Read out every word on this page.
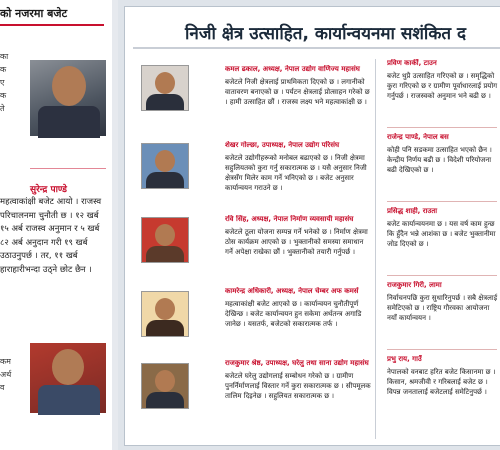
को नजरमा बजेट
का
क
ए
क
ते
सुरेन्द्र पाण्डे
महत्वाकांक्षी बजेट आयो । राजस्व परिचालनमा चुनौती छ । १२ खर्ब १५ अर्ब राजस्व अनुमान र ५ खर्ब ८२ अर्ब अनुदान गरी १९ खर्ब उठाउनुपर्छ । तर, ११ खर्ब हाराहारीभन्दा उठ्ने छोट छैन ।
कम
अर्थ
व
निजी क्षेत्र उत्साहित, कार्यान्वयनमा सशंकित द
कमल ढकाल, अध्यक्ष, नेपाल उद्योग वाणिज्य महासंघ
बजेटले निजी क्षेत्रलाई प्राथमिकता दिएको छ । लगानीको वातावरण बनाएको छ । पर्यटन क्षेत्रलाई प्रोत्साहन गरेको छ । हामी उत्साहित छौं । राजस्व लक्ष्य भने महत्वाकांक्षी छ ।
शेखर गोल्छा, उपाध्यक्ष, नेपाल उद्योग परिसंघ
बजेटले उद्योगीहरूको मनोबल बढाएको छ । निजी क्षेत्रमा सहुलियतको कुरा गर्नु सकारात्मक छ । यसै अनुसार निजी क्षेत्रसँग मिलेर काम गर्ने भनिएको छ । बजेट अनुसार कार्यान्वयन गराउने छ ।
रवि सिंह, अध्यक्ष, नेपाल निर्माण व्यवसायी महासंघ
बजेटले ठूला योजना सम्पन्न गर्ने भनेको छ । निर्माण क्षेत्रमा ठोस कार्यक्रम आएको छ । भुक्तानीको समस्या समाधान गर्ने अपेक्षा राखेका छौं । भुक्तानीको तयारी गर्नुपर्छ ।
कामरेन्द्र अधिकारी, अध्यक्ष, नेपाल चेम्बर अफ कमर्स
महत्वाकांक्षी बजेट आएको छ । कार्यान्वयन चुनौतीपूर्ण देखिन्छ । बजेट कार्यान्वयन हुन सकेमा अर्थतन्त्र अगाडि जानेछ । यसतर्फ, बजेटको सकारात्मक तर्फ ।
राजकुमार श्रेष्ठ, उपाध्यक्ष, घरेलु तथा साना उद्योग महासंघ
बजेटले घरेलु उद्योगलाई सम्बोधन गरेको छ । ग्रामीण पुनर्निर्माणलाई विस्तार गर्ने कुरा सकारात्मक छ । सीपमूलक तालिम दिइनेछ । सहुलियत सकारात्मक छ ।
प्रविण कार्की, टाउन
बजेट थुप्रै उत्साहित गरिएको छ । समृद्धिको कुरा गरिएको छ र ग्रामीण पूर्वाधारलाई प्रयोग गर्नुपर्छ । राजस्वको अनुमान भने बढी छ ।
राजेन्द्र पाण्डे, नेपाल बस
कोही पनि सडकमा उत्साहित भएको छैन । केन्द्रीय निर्णय बढी छ । विदेशी परियोजना बढी देखिएको छ ।
प्रसिद्ध शाही, राउता
बजेट कार्यान्वयनमा छ । यस वर्ष काम हुन्छ कि हुँदैन भन्ने आशंका छ । बजेट भुक्तानीमा जोड दिएको छ ।
राजकुमार गिरी, लामा
निर्वाचनपछि कुरा सुधारिनुपर्छ । सबै क्षेत्रलाई समेटिएको छ । राष्ट्रिय गौरवका आयोजना नयाँ कार्यान्वयन ।
प्रभु राय, गाउँ
नेपालको वनबाट हरित बजेट किसानमा छ । किसान, श्रमजीवी र गरिबलाई बजेट छ । विपन्न जनतालाई बजेटलाई समेटिनुपर्छ ।
